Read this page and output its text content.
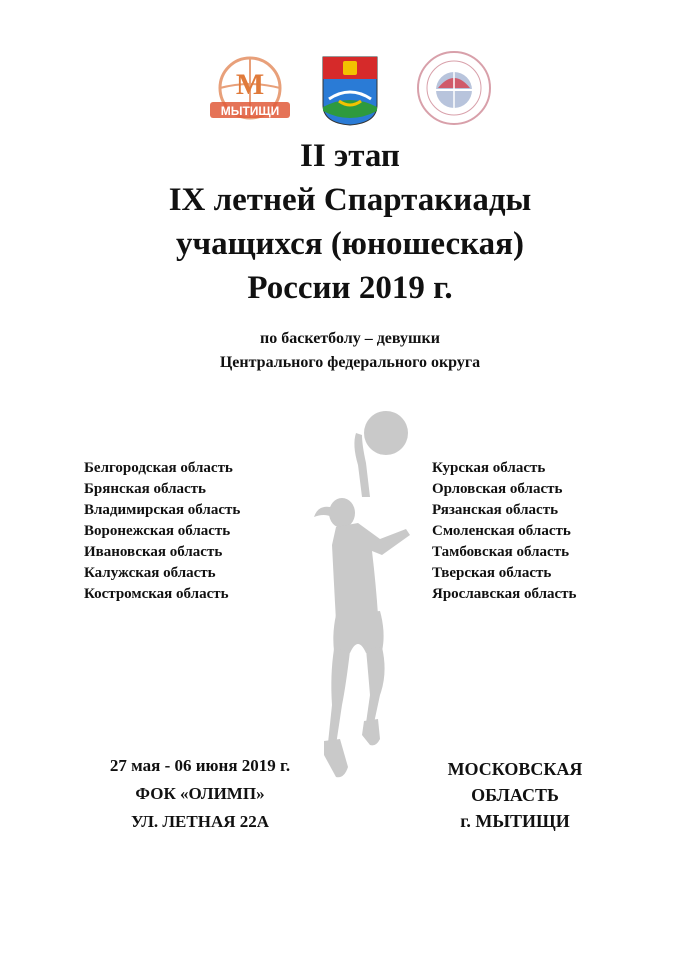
М
МЫТИЩИ
II этап
IX летней Спартакиады
учащихся (юношеская)
России 2019 г.
по баскетболу – девушки
Центрального федерального округа
Белгородская область
Брянская область
Владимирская область
Воронежская область
Ивановская область
Калужская область
Костромская область
Курская область
Орловская область
Рязанская область
Смоленская область
Тамбовская область
Тверская область
Ярославская область
27 мая - 06 июня 2019 г.
ФОК «ОЛИМП»
УЛ. ЛЕТНАЯ 22А
МОСКОВСКАЯ
ОБЛАСТЬ
г. МЫТИЩИ
